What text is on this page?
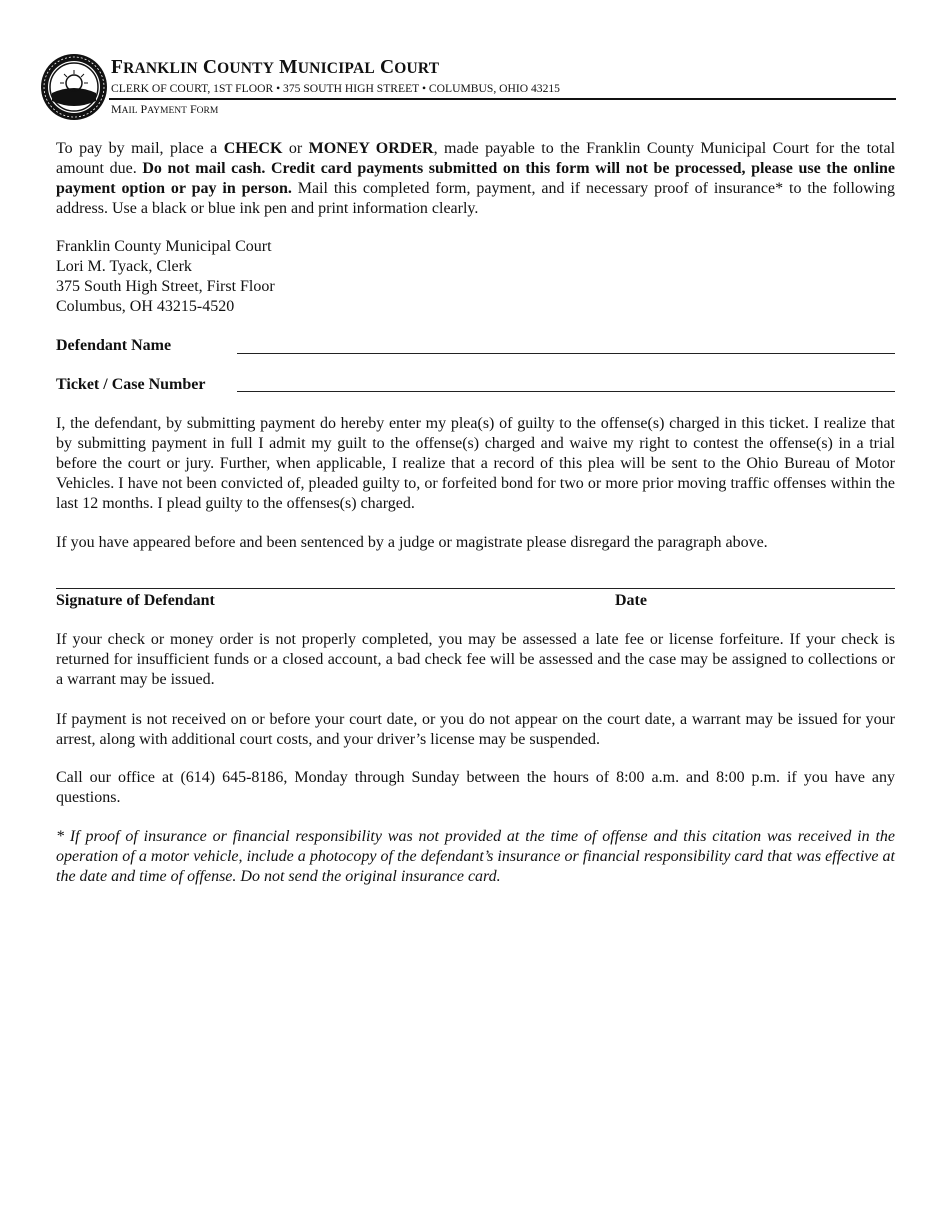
FRANKLIN COUNTY MUNICIPAL COURT
CLERK OF COURT, 1ST FLOOR • 375 SOUTH HIGH STREET • COLUMBUS, OHIO 43215
MAIL PAYMENT FORM

To pay by mail, place a CHECK or MONEY ORDER, made payable to the Franklin County Municipal Court for the total amount due. Do not mail cash. Credit card payments submitted on this form will not be processed, please use the online payment option or pay in person. Mail this completed form, payment, and if necessary proof of insurance* to the following address. Use a black or blue ink pen and print information clearly.

Franklin County Municipal Court
Lori M. Tyack, Clerk
375 South High Street, First Floor
Columbus, OH 43215-4520
Defendant Name
Ticket / Case Number

I, the defendant, by submitting payment do hereby enter my plea(s) of guilty to the offense(s) charged in this ticket. I realize that by submitting payment in full I admit my guilt to the offense(s) charged and waive my right to contest the offense(s) in a trial before the court or jury. Further, when applicable, I realize that a record of this plea will be sent to the Ohio Bureau of Motor Vehicles. I have not been convicted of, pleaded guilty to, or forfeited bond for two or more prior moving traffic offenses within the last 12 months. I plead guilty to the offenses(s) charged.

If you have appeared before and been sentenced by a judge or magistrate please disregard the paragraph above.

Signature of Defendant	Date

If your check or money order is not properly completed, you may be assessed a late fee or license forfeiture. If your check is returned for insufficient funds or a closed account, a bad check fee will be assessed and the case may be assigned to collections or a warrant may be issued.

If payment is not received on or before your court date, or you do not appear on the court date, a warrant may be issued for your arrest, along with additional court costs, and your driver’s license may be suspended.

Call our office at (614) 645-8186, Monday through Sunday between the hours of 8:00 a.m. and 8:00 p.m. if you have any questions.

* If proof of insurance or financial responsibility was not provided at the time of offense and this citation was received in the operation of a motor vehicle, include a photocopy of the defendant’s insurance or financial responsibility card that was effective at the date and time of offense. Do not send the original insurance card.
